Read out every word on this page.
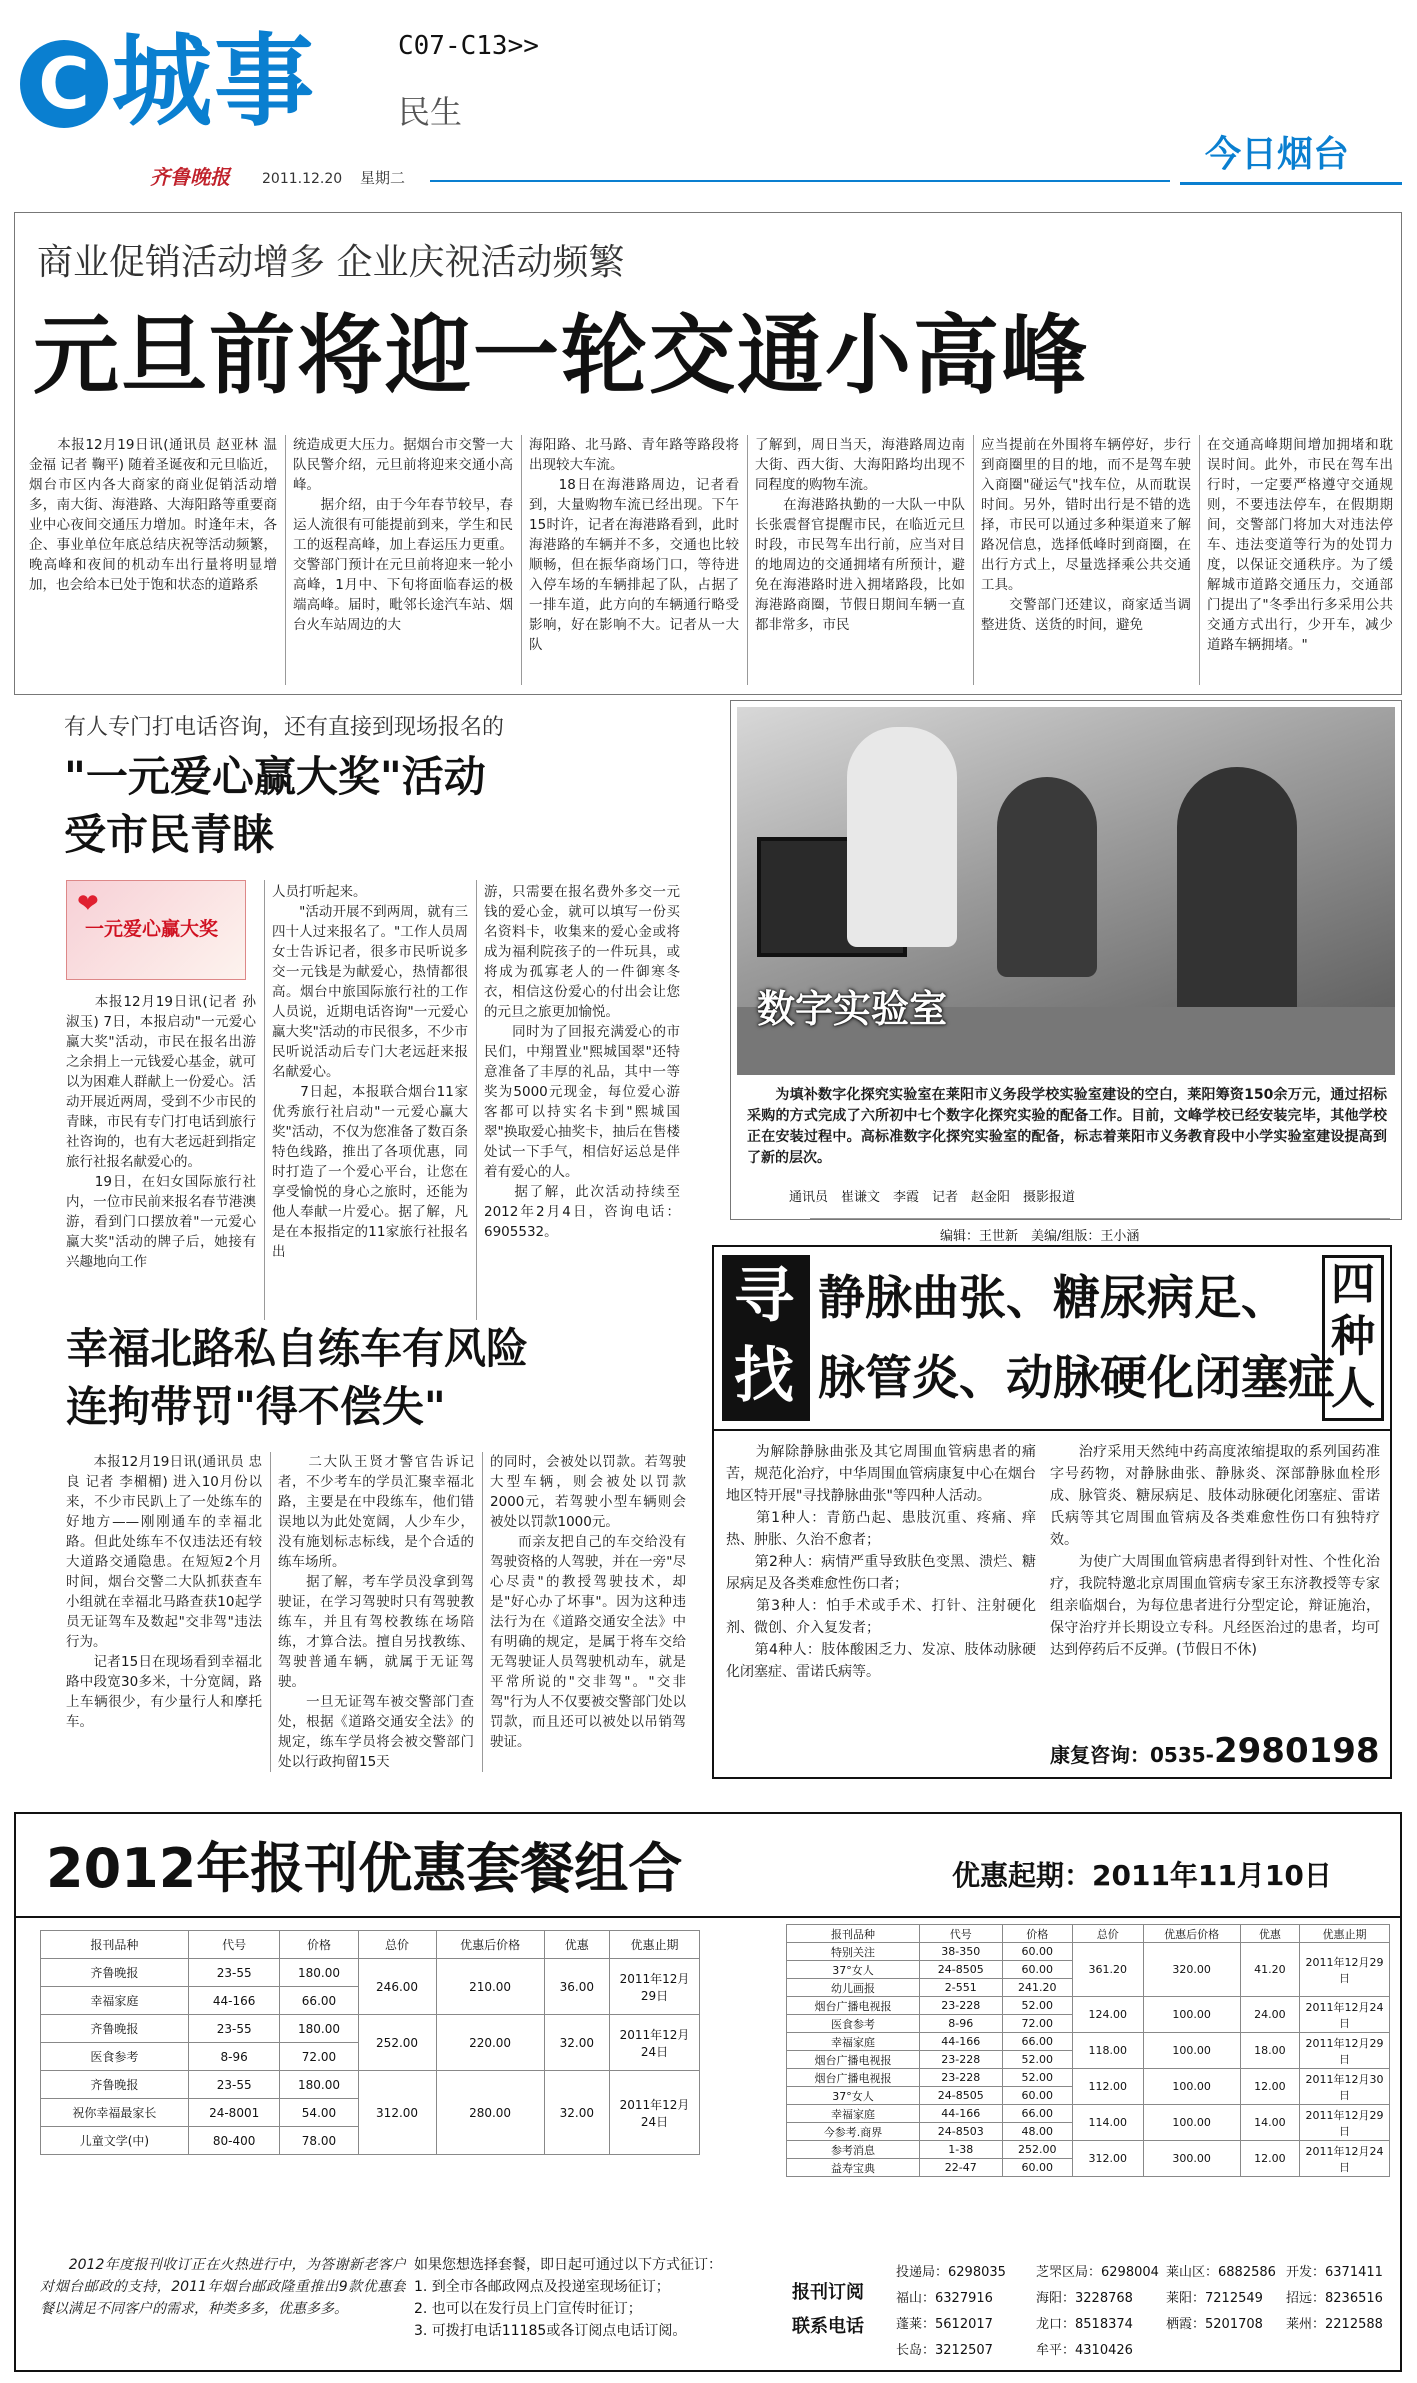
C 城事	C07-C13>>
民生
齐鲁晚报 2011.12.20 星期二
今日烟台
商业促销活动增多 企业庆祝活动频繁
元旦前将迎一轮交通小高峰
　　本报12月19日讯(通讯员 赵亚林 温金福 记者 鞠平) 随着圣诞夜和元旦临近，烟台市区内各大商家的商业促销活动增多，南大街、海港路、大海阳路等重要商业中心夜间交通压力增加。时逢年末，各企、事业单位年底总结庆祝等活动频繁，晚高峰和夜间的机动车出行量将明显增加，也会给本已处于饱和状态的道路系
统造成更大压力。据烟台市交警一大队民警介绍，元旦前将迎来交通小高峰。
　　据介绍，由于今年春节较早，春运人流很有可能提前到来，学生和民工的返程高峰，加上春运压力更重。交警部门预计在元旦前将迎来一轮小高峰，1月中、下旬将面临春运的极端高峰。届时，毗邻长途汽车站、烟台火车站周边的大
海阳路、北马路、青年路等路段将出现较大车流。
　　18日在海港路周边，记者看到，大量购物车流已经出现。下午15时许，记者在海港路看到，此时海港路的车辆并不多，交通也比较顺畅，但在振华商场门口，等待进入停车场的车辆排起了队，占据了一排车道，此方向的车辆通行略受影响，好在影响不大。记者从一大队
了解到，周日当天，海港路周边南大街、西大街、大海阳路均出现不同程度的购物车流。
　　在海港路执勤的一大队一中队长张震督官提醒市民，在临近元旦时段，市民驾车出行前，应当对目的地周边的交通拥堵有所预计，避免在海港路时进入拥堵路段，比如海港路商圈，节假日期间车辆一直都非常多，市民
应当提前在外围将车辆停好，步行到商圈里的目的地，而不是驾车驶入商圈"碰运气"找车位，从而耽误时间。另外，错时出行是不错的选择，市民可以通过多种渠道来了解路况信息，选择低峰时到商圈，在出行方式上，尽量选择乘公共交通工具。
　　交警部门还建议，商家适当调整进货、送货的时间，避免
在交通高峰期间增加拥堵和耽误时间。此外，市民在驾车出行时，一定要严格遵守交通规则，不要违法停车，在假期期间，交警部门将加大对违法停车、违法变道等行为的处罚力度，以保证交通秩序。为了缓解城市道路交通压力，交通部门提出了"冬季出行多采用公共交通方式出行，少开车，减少道路车辆拥堵。"
有人专门打电话咨询，还有直接到现场报名的
"一元爱心赢大奖"活动
受市民青睐
❤
一元爱心赢大奖
　　本报12月19日讯(记者 孙淑玉) 7日，本报启动"一元爱心赢大奖"活动，市民在报名出游之余捐上一元钱爱心基金，就可以为困难人群献上一份爱心。活动开展近两周，受到不少市民的青睐，市民有专门打电话到旅行社咨询的，也有大老远赶到指定旅行社报名献爱心的。
　　19日，在妇女国际旅行社内，一位市民前来报名春节港澳游，看到门口摆放着"一元爱心赢大奖"活动的牌子后，她接有兴趣地向工作
人员打听起来。
　　"活动开展不到两周，就有三四十人过来报名了。"工作人员周女士告诉记者，很多市民听说多交一元钱是为献爱心，热情都很高。烟台中旅国际旅行社的工作人员说，近期电话咨询"一元爱心赢大奖"活动的市民很多，不少市民听说活动后专门大老远赶来报名献爱心。
　　7日起，本报联合烟台11家优秀旅行社启动"一元爱心赢大奖"活动，不仅为您准备了数百条特色线路，推出了各项优惠，同时打造了一个爱心平台，让您在享受愉悦的身心之旅时，还能为他人奉献一片爱心。据了解，凡是在本报指定的11家旅行社报名出
游，只需要在报名费外多交一元钱的爱心金，就可以填写一份买名资料卡，收集来的爱心金或将成为福利院孩子的一件玩具，或将成为孤寡老人的一件御寒冬衣，相信这份爱心的付出会让您的元旦之旅更加愉悦。
　　同时为了回报充满爱心的市民们，中翔置业"熙城国翠"还特意准备了丰厚的礼品，其中一等奖为5000元现金，每位爱心游客都可以持实名卡到"熙城国翠"换取爱心抽奖卡，抽后在售楼处试一下手气，相信好运总是伴着有爱心的人。
　　据了解，此次活动持续至2012年2月4日，咨询电话：6905532。
数字实验室
　　为填补数字化探究实验室在莱阳市义务段学校实验室建设的空白，莱阳筹资150余万元，通过招标采购的方式完成了六所初中七个数字化探究实验的配备工作。目前，文峰学校已经安装完毕，其他学校正在安装过程中。高标准数字化探究实验室的配备，标志着莱阳市义务教育段中小学实验室建设提高到了新的层次。
通讯员　崔谦文　李霞　记者　赵金阳　摄影报道
编辑：王世新　美编/组版：王小涵
幸福北路私自练车有风险
连拘带罚"得不偿失"
　　本报12月19日讯(通讯员 忠良 记者 李楣楣) 进入10月份以来，不少市民趴上了一处练车的好地方——刚刚通车的幸福北路。但此处练车不仅违法还有较大道路交通隐患。在短短2个月时间，烟台交警二大队抓获查车小组就在幸福北马路查获10起学员无证驾车及数起"交非驾"违法行为。
　　记者15日在现场看到幸福北路中段宽30多米，十分宽阔，路上车辆很少，有少量行人和摩托车。
　　二大队王贤才警官告诉记者，不少考车的学员汇聚幸福北路，主要是在中段练车，他们错误地以为此处宽阔，人少车少，没有施划标志标线，是个合适的练车场所。
　　据了解，考车学员没拿到驾驶证，在学习驾驶时只有驾驶教练车，并且有驾校教练在场陪练，才算合法。擅自另找教练、驾驶普通车辆，就属于无证驾驶。
　　一旦无证驾车被交警部门查处，根据《道路交通安全法》的规定，练车学员将会被交警部门处以行政拘留15天
的同时，会被处以罚款。若驾驶大型车辆，则会被处以罚款2000元，若驾驶小型车辆则会被处以罚款1000元。
　　而亲友把自己的车交给没有驾驶资格的人驾驶，并在一旁"尽心尽责"的教授驾驶技术，却是"好心办了坏事"。因为这种违法行为在《道路交通安全法》中有明确的规定，是属于将车交给无驾驶证人员驾驶机动车，就是平常所说的"交非驾"。"交非驾"行为人不仅要被交警部门处以罚款，而且还可以被处以吊销驾驶证。
寻
找
静脉曲张、糖尿病足、
脉管炎、动脉硬化闭塞症
四种人
　　为解除静脉曲张及其它周围血管病患者的痛苦，规范化治疗，中华周围血管病康复中心在烟台地区特开展"寻找静脉曲张"等四种人活动。
　　第1种人：青筋凸起、患肢沉重、疼痛、痒热、肿胀、久治不愈者；
　　第2种人：病情严重导致肤色变黑、溃烂、糖尿病足及各类难愈性伤口者；
　　第3种人：怕手术或手术、打针、注射硬化剂、微创、介入复发者；
　　第4种人：肢体酸困乏力、发凉、肢体动脉硬化闭塞症、雷诺氏病等。
　　治疗采用天然纯中药高度浓缩提取的系列国药准字号药物，对静脉曲张、静脉炎、深部静脉血栓形成、脉管炎、糖尿病足、肢体动脉硬化闭塞症、雷诺氏病等其它周围血管病及各类难愈性伤口有独特疗效。
　　为使广大周围血管病患者得到针对性、个性化治疗，我院特邀北京周围血管病专家王东济教授等专家组亲临烟台，为每位患者进行分型定论，辩证施治，保守治疗并长期设立专科。凡经医治过的患者，均可达到停药后不反弹。(节假日不休)
康复咨询：0535-2980198
2012年报刊优惠套餐组合	优惠起期：2011年11月10日
报刊品种	代号	价格	总价	优惠后价格	优惠	优惠止期
齐鲁晚报	23-55	180.00	246.00	210.00	36.00	2011年12月29日
幸福家庭	44-166	66.00				
齐鲁晚报	23-55	180.00	252.00	220.00	32.00	2011年12月24日
医食参考	8-96	72.00				
齐鲁晚报	23-55	180.00	312.00	280.00	32.00	2011年12月24日
祝你幸福最家长	24-8001	54.00				
儿童文学(中)	80-400	78.00				
报刊品种	代号	价格	总价	优惠后价格	优惠	优惠止期
特别关注	38-350	60.00	361.20	320.00	41.20	2011年12月29日
37°女人	24-8505	60.00				
幼儿画报	2-551	241.20				
烟台广播电视报	23-228	52.00	124.00	100.00	24.00	2011年12月24日
医食参考	8-96	72.00				
幸福家庭	44-166	66.00	118.00	100.00	18.00	2011年12月29日
烟台广播电视报	23-228	52.00				
烟台广播电视报	23-228	52.00	112.00	100.00	12.00	2011年12月30日
37°女人	24-8505	60.00				
幸福家庭	44-166	66.00	114.00	100.00	14.00	2011年12月29日
今参考.商界	24-8503	48.00				
参考消息	1-38	252.00	312.00	300.00	12.00	2011年12月24日
益寿宝典	22-47	60.00				
　　2012年度报刊收订正在火热进行中，为答谢新老客户对烟台邮政的支持，2011年烟台邮政隆重推出9款优惠套餐以满足不同客户的需求，种类多多，优惠多多。
如果您想选择套餐，即日起可通过以下方式征订：
1. 到全市各邮政网点及投递室现场征订；
2. 也可以在发行员上门宣传时征订；
3. 可拨打电话11185或各订阅点电话订阅。
报刊订阅
联系电话
投递局：6298035	芝罘区局：6298004 莱山区：6882586 开发：6371411
福山：6327916	海阳：3228768	莱阳：7212549	招远：8236516
蓬莱：5612017	龙口：8518374	栖霞：5201708	莱州：2212588
长岛：3212507	牟平：4310426
